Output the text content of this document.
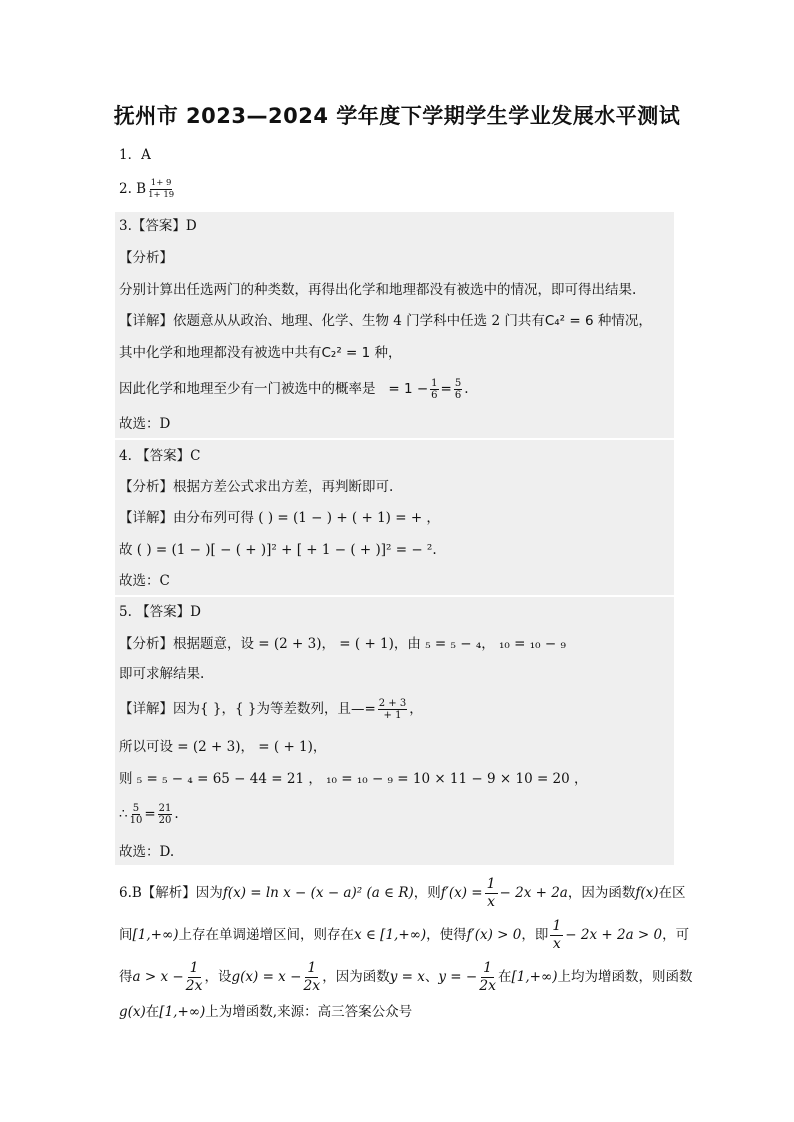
抚州市 2023—2024 学年度下学期学生学业发展水平测试
1．A
2. B $\frac{1+ 9}{1+ 19}$
3.【答案】D
【分析】
分别计算出任选两门的种类数，再得出化学和地理都没有被选中的情况，即可得出结果.
【详解】依题意从从政治、地理、化学、生物 4 门学科中任选 2 门共有C₄² = 6 种情况，
其中化学和地理都没有被选中共有C₂² = 1 种，
因此化学和地理至少有一门被选中的概率是 = $1 - \frac{1}{6} = \frac{5}{6}$ .
故选：D
4. 【答案】C
【分析】根据方差公式求出方差，再判断即可.
【详解】由分布列可得 ( ) = (1 − ) + ( + 1) = + ，
故 ( ) = (1 − )[ − ( + )]² + [ + 1 − ( + )]² = − ².
故选：C
5. 【答案】D
【分析】根据题意，设 = (2 + 3)， = ( + 1)，由 ₅ = ₅ − ₄， ₁₀ = ₁₀ − ₉
即可求解结果.
【详解】因为{ }，{ }为等差数列，且—= $\frac{2 + 3}{+ 1}$ ，
所以可设 = (2 + 3)， = ( + 1)，
则 ₅ = ₅ − ₄ = 65 − 44 = 21 ， ₁₀ = ₁₀ − ₉ = 10 × 11 − 9 × 10 = 20 ，
∴ $\frac{5}{10} = \frac{21}{20}$ .
故选：D.
6.B【解析】因为f(x) = ln x − (x − a)² (a ∈ R)，则$f'(x) = \frac{1}{x} - 2x + 2a$，因为函数f(x)在区
间[1,+∞)上存在单调递增区间，则存在x ∈ [1,+∞)，使得f′(x) > 0，即 $\frac{1}{x} - 2x + 2a > 0$，可
得$a > x - \frac{1}{2x}$ ，设$g(x) = x - \frac{1}{2x}$ ，因为函数y = x、y = − $\frac{1}{2x}$ 在[1,+∞)上均为增函数，则函数
g(x)在[1,+∞)上为增函数,来源：高三答案公众号
